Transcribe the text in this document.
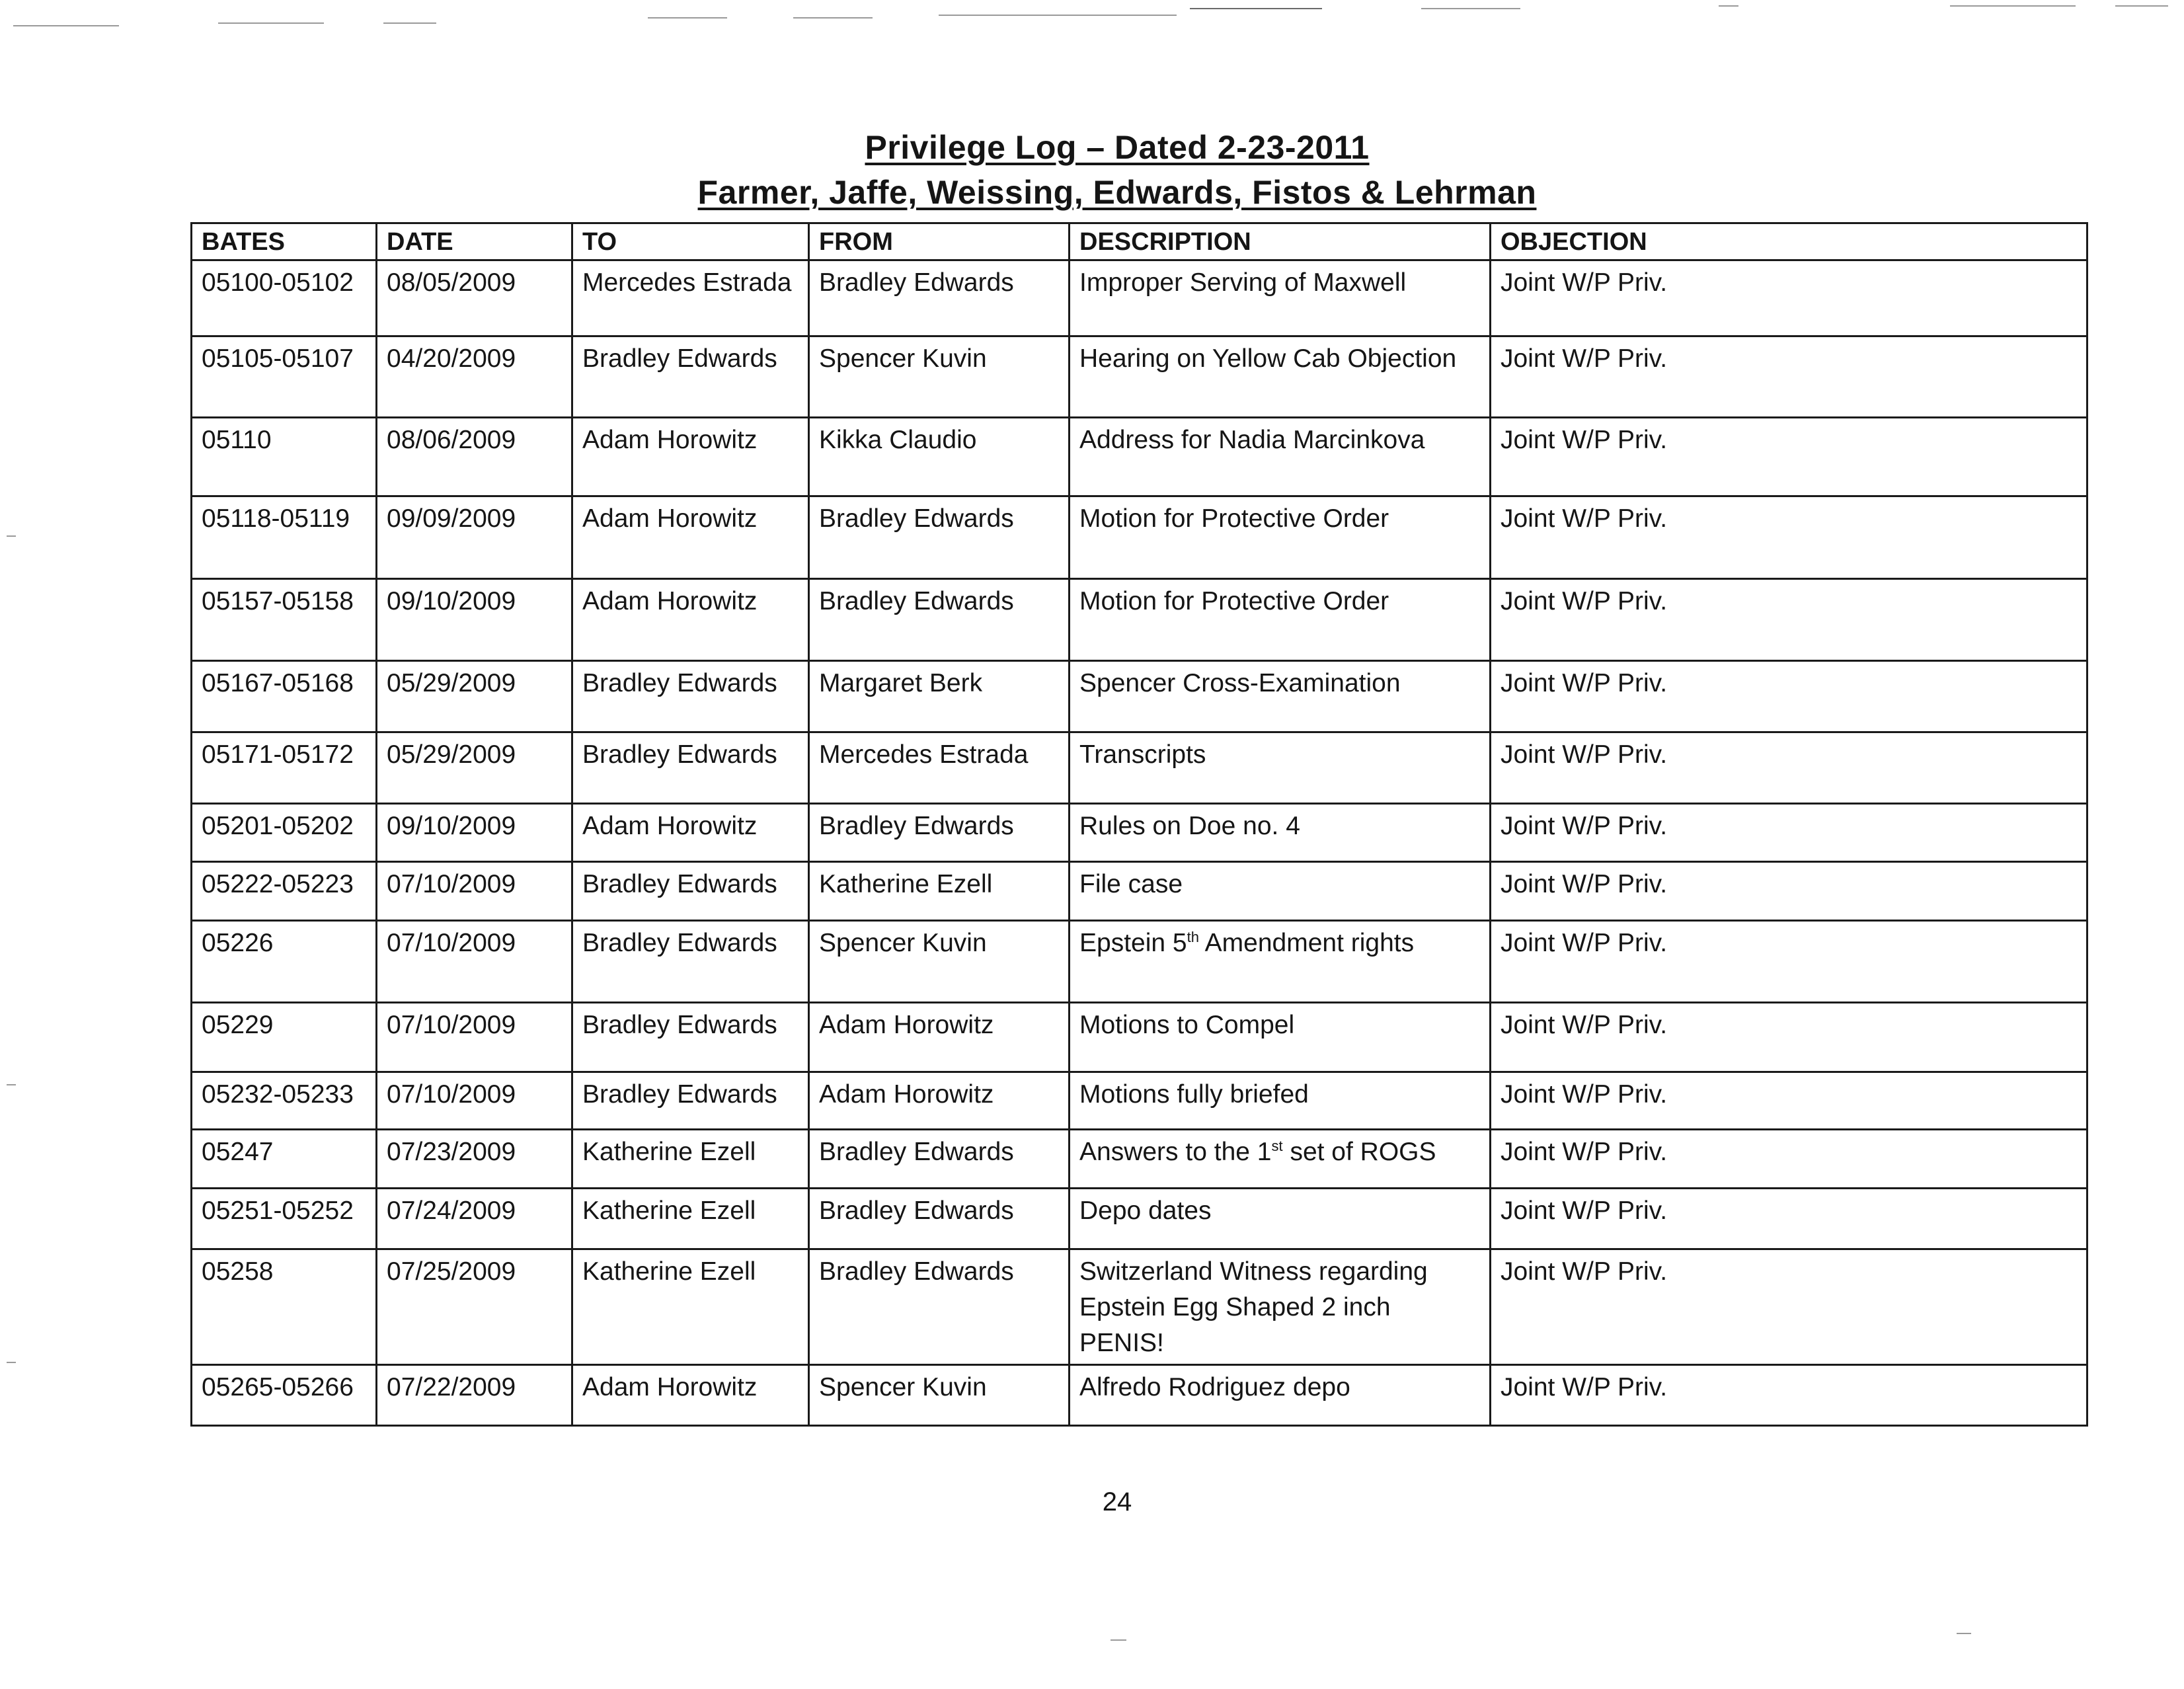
Privilege Log – Dated 2-23-2011
Farmer, Jaffe, Weissing, Edwards, Fistos & Lehrman
BATES	DATE	TO	FROM	DESCRIPTION	OBJECTION
05100-05102	08/05/2009	Mercedes Estrada	Bradley Edwards	Improper Serving of Maxwell	Joint W/P Priv.
05105-05107	04/20/2009	Bradley Edwards	Spencer Kuvin	Hearing on Yellow Cab Objection	Joint W/P Priv.
05110	08/06/2009	Adam Horowitz	Kikka Claudio	Address for Nadia Marcinkova	Joint W/P Priv.
05118-05119	09/09/2009	Adam Horowitz	Bradley Edwards	Motion for Protective Order	Joint W/P Priv.
05157-05158	09/10/2009	Adam Horowitz	Bradley Edwards	Motion for Protective Order	Joint W/P Priv.
05167-05168	05/29/2009	Bradley Edwards	Margaret Berk	Spencer Cross-Examination	Joint W/P Priv.
05171-05172	05/29/2009	Bradley Edwards	Mercedes Estrada	Transcripts	Joint W/P Priv.
05201-05202	09/10/2009	Adam Horowitz	Bradley Edwards	Rules on Doe no. 4	Joint W/P Priv.
05222-05223	07/10/2009	Bradley Edwards	Katherine Ezell	File case	Joint W/P Priv.
05226	07/10/2009	Bradley Edwards	Spencer Kuvin	Epstein 5th Amendment rights	Joint W/P Priv.
05229	07/10/2009	Bradley Edwards	Adam Horowitz	Motions to Compel	Joint W/P Priv.
05232-05233	07/10/2009	Bradley Edwards	Adam Horowitz	Motions fully briefed	Joint W/P Priv.
05247	07/23/2009	Katherine Ezell	Bradley Edwards	Answers to the 1st set of ROGS	Joint W/P Priv.
05251-05252	07/24/2009	Katherine Ezell	Bradley Edwards	Depo dates	Joint W/P Priv.
05258	07/25/2009	Katherine Ezell	Bradley Edwards	Switzerland Witness regarding Epstein Egg Shaped 2 inch PENIS!	Joint W/P Priv.
05265-05266	07/22/2009	Adam Horowitz	Spencer Kuvin	Alfredo Rodriguez depo	Joint W/P Priv.
24
